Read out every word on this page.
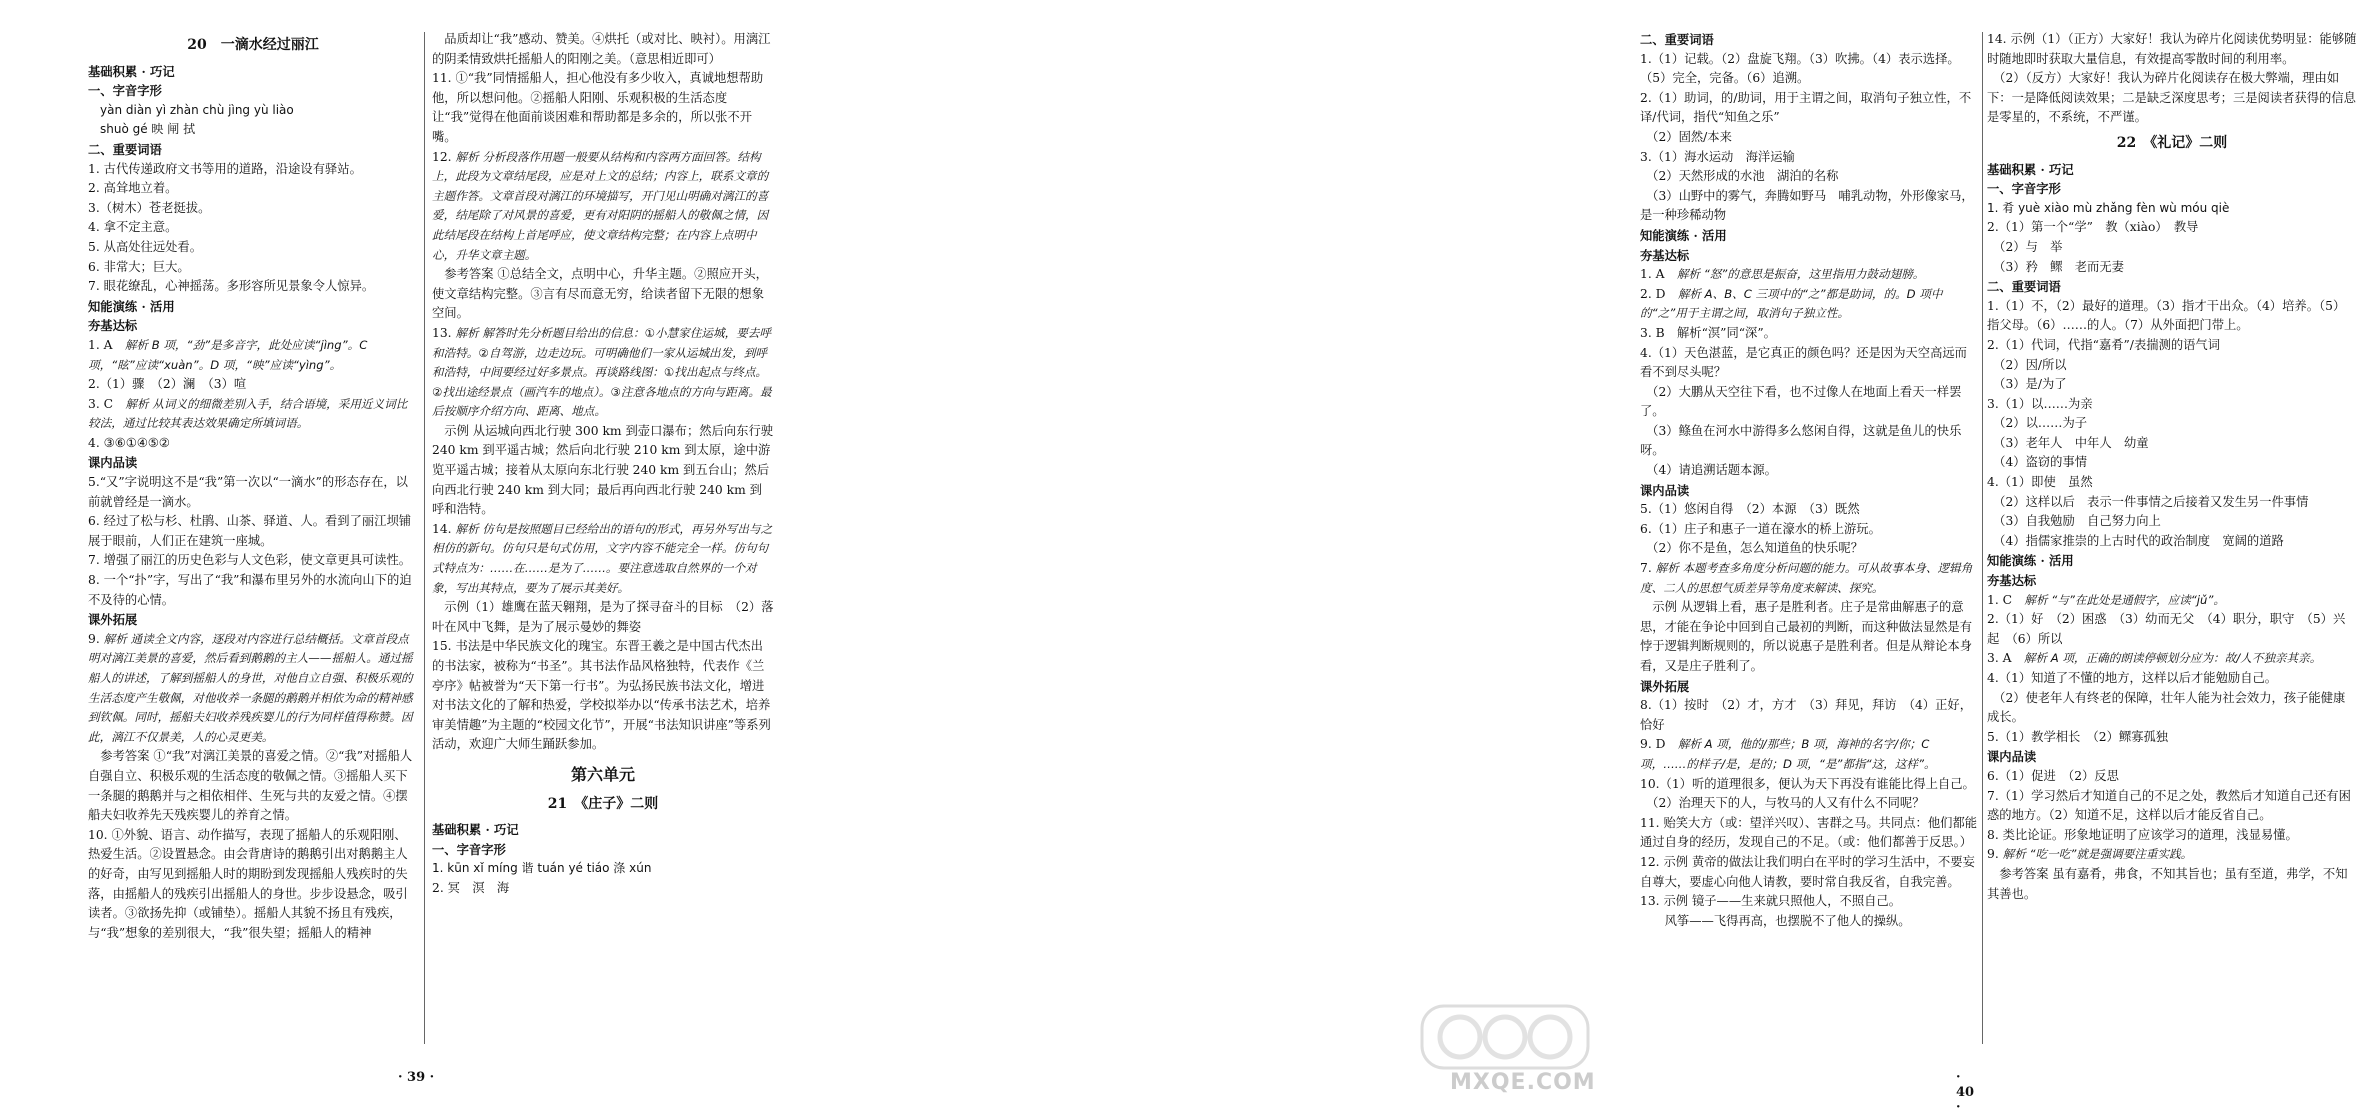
20　一滴水经过丽江
基础积累 · 巧记
一、字音字形
　yàn diàn yì zhàn chù jìng yù liào
　shuò gé 映 闸 拭
二、重要词语
1. 古代传递政府文书等用的道路，沿途设有驿站。
2. 高耸地立着。
3.（树木）苍老挺拔。
4. 拿不定主意。
5. 从高处往远处看。
6. 非常大；巨大。
7. 眼花缭乱，心神摇荡。多形容所见景象令人惊异。
知能演练 · 活用
夯基达标
1. A　解析 B 项，“劲”是多音字，此处应读“jìng”。C 项，“眩”应读“xuàn”。D 项，“映”应读“yìng”。
2.（1）骤　（2）澜　（3）喧
3. C　解析 从词义的细微差别入手，结合语境，采用近义词比较法，通过比较其表达效果确定所填词语。
4. ③⑥①④⑤②
课内品读
5.“又”字说明这不是“我”第一次以“一滴水”的形态存在，以前就曾经是一滴水。
6. 经过了松与杉、杜鹃、山茶、驿道、人。看到了丽江坝铺展于眼前，人们正在建筑一座城。
7. 增强了丽江的历史色彩与人文色彩，使文章更具可读性。
8. 一个“扑”字，写出了“我”和瀑布里另外的水流向山下的迫不及待的心情。
课外拓展
9. 解析 通读全文内容，逐段对内容进行总结概括。文章首段点明对漓江美景的喜爱，然后看到鹅鹅的主人——摇船人。通过摇船人的讲述，了解到摇船人的身世，对他自立自强、积极乐观的生活态度产生敬佩，对他收养一条腿的鹅鹅并相依为命的精神感到钦佩。同时，摇船夫妇收养残疾婴儿的行为同样值得称赞。因此，漓江不仅景美，人的心灵更美。
　参考答案 ①“我”对漓江美景的喜爱之情。②“我”对摇船人自强自立、积极乐观的生活态度的敬佩之情。③摇船人买下一条腿的鹅鹅并与之相依相伴、生死与共的友爱之情。④摆船夫妇收养先天残疾婴儿的养育之情。
10. ①外貌、语言、动作描写，表现了摇船人的乐观阳刚、热爱生活。②设置悬念。由会背唐诗的鹅鹅引出对鹅鹅主人的好奇，由写见到摇船人时的期盼到发现摇船人残疾时的失落，由摇船人的残疾引出摇船人的身世。步步设悬念，吸引读者。③欲扬先抑（或铺垫）。摇船人其貌不扬且有残疾，与“我”想象的差别很大，“我”很失望；摇船人的精神
　品质却让“我”感动、赞美。④烘托（或对比、映衬）。用漓江的阴柔情致烘托摇船人的阳刚之美。（意思相近即可）
11. ①“我”同情摇船人，担心他没有多少收入，真诚地想帮助他，所以想问他。②摇船人阳刚、乐观积极的生活态度让“我”觉得在他面前谈困难和帮助都是多余的，所以张不开嘴。
12. 解析 分析段落作用题一般要从结构和内容两方面回答。结构上，此段为文章结尾段，应是对上文的总结；内容上，联系文章的主题作答。文章首段对漓江的环境描写，开门见山明确对漓江的喜爱，结尾除了对风景的喜爱，更有对阳阴的摇船人的敬佩之情，因此结尾段在结构上首尾呼应，使文章结构完整；在内容上点明中心，升华文章主题。
　参考答案 ①总结全文，点明中心，升华主题。②照应开头，使文章结构完整。③言有尽而意无穷，给读者留下无限的想象空间。
13. 解析 解答时先分析题目给出的信息：①小慧家住运城，要去呼和浩特。②自驾游，边走边玩。可明确他们一家从运城出发，到呼和浩特，中间要经过好多景点。再谈路线图：①找出起点与终点。②找出途经景点（画汽车的地点）。③注意各地点的方向与距离。最后按顺序介绍方向、距离、地点。
　示例 从运城向西北行驶 300 km 到壶口瀑布；然后向东行驶 240 km 到平遥古城；然后向北行驶 210 km 到太原，途中游览平遥古城；接着从太原向东北行驶 240 km 到五台山；然后向西北行驶 240 km 到大同；最后再向西北行驶 240 km 到呼和浩特。
14. 解析 仿句是按照题目已经给出的语句的形式，再另外写出与之相仿的新句。仿句只是句式仿用，文字内容不能完全一样。仿句句式特点为：……在……是为了……。要注意选取自然界的一个对象，写出其特点，要为了展示其美好。
　示例（1）雄鹰在蓝天翱翔，是为了探寻奋斗的目标　（2）落叶在风中飞舞，是为了展示曼妙的舞姿
15. 书法是中华民族文化的瑰宝。东晋王羲之是中国古代杰出的书法家，被称为“书圣”。其书法作品风格独特，代表作《兰亭序》帖被誉为“天下第一行书”。为弘扬民族书法文化，增进对书法文化的了解和热爱，学校拟举办以“传承书法艺术，培养审美情趣”为主题的“校园文化节”，开展“书法知识讲座”等系列活动，欢迎广大师生踊跃参加。
第六单元
21　《庄子》二则
基础积累 · 巧记
一、字音字形
1. kūn xǐ míng 谐 tuán yé tiáo 涤 xún
2. 冥　溟　海
· 39 ·
二、重要词语
1.（1）记载。（2）盘旋飞翔。（3）吹拂。（4）表示选择。（5）完全，完备。（6）追溯。
2.（1）助词，的/助词，用于主谓之间，取消句子独立性，不译/代词，指代“知鱼之乐”
　（2）固然/本来
3.（1）海水运动　海洋运输
　（2）天然形成的水池　湖泊的名称
　（3）山野中的雾气，奔腾如野马　哺乳动物，外形像家马，是一种珍稀动物
知能演练 · 活用
夯基达标
1. A　解析 “怒”的意思是振奋，这里指用力鼓动翅膀。
2. D　解析 A、B、C 三项中的“之”都是助词，的。D 项中的“之”用于主谓之间，取消句子独立性。
3. B　解析“溟”同“深”。
4.（1）天色湛蓝，是它真正的颜色吗？还是因为天空高远而看不到尽头呢？
　（2）大鹏从天空往下看，也不过像人在地面上看天一样罢了。
　（3）鲦鱼在河水中游得多么悠闲自得，这就是鱼儿的快乐呀。
　（4）请追溯话题本源。
课内品读
5.（1）悠闲自得　（2）本源　（3）既然
6.（1）庄子和惠子一道在濠水的桥上游玩。
　（2）你不是鱼，怎么知道鱼的快乐呢？
7. 解析 本题考查多角度分析问题的能力。可从故事本身、逻辑角度、二人的思想气质差异等角度来解读、探究。
　示例 从逻辑上看，惠子是胜利者。庄子是常曲解惠子的意思，才能在争论中回到自己最初的判断，而这种做法显然是有悖于逻辑判断规则的，所以说惠子是胜利者。但是从辩论本身看，又是庄子胜利了。
课外拓展
8.（1）按时　（2）才，方才　（3）拜见，拜访　（4）正好，恰好
9. D　解析 A 项，他的/那些；B 项，海神的名字/你；C 项，……的样子/是，是的；D 项，“是”都指“这，这样”。
10.（1）听的道理很多，便认为天下再没有谁能比得上自己。
　（2）治理天下的人，与牧马的人又有什么不同呢？
11. 贻笑大方（或：望洋兴叹）、害群之马。共同点：他们都能通过自身的经历，发现自己的不足。（或：他们都善于反思。）
12. 示例 黄帝的做法让我们明白在平时的学习生活中，不要妄自尊大，要虚心向他人请教，要时常自我反省，自我完善。
13. 示例 镜子——生来就只照他人，不照自己。
　　风筝——飞得再高，也摆脱不了他人的操纵。
14. 示例（1）（正方）大家好！我认为碎片化阅读优势明显：能够随时随地即时获取大量信息，有效提高零散时间的利用率。
　（2）（反方）大家好！我认为碎片化阅读存在极大弊端，理由如下：一是降低阅读效果；二是缺乏深度思考；三是阅读者获得的信息是零星的，不系统，不严谨。
22　《礼记》二则
基础积累 · 巧记
一、字音字形
1. 肴 yuè xiào mù zhǎng fèn wù móu qiè
2.（1）第一个“学”　教（xiào）　教导
　（2）与　举
　（3）矜　鳏　老而无妻
二、重要词语
1.（1）不，（2）最好的道理。（3）指才干出众。（4）培养。（5）指父母。（6）……的人。（7）从外面把门带上。
2.（1）代词，代指“嘉肴”/表揣测的语气词
　（2）因/所以
　（3）是/为了
3.（1）以……为亲
　（2）以……为子
　（3）老年人　中年人　幼童
　（4）盗窃的事情
4.（1）即使　虽然
　（2）这样以后　表示一件事情之后接着又发生另一件事情
　（3）自我勉励　自己努力向上
　（4）指儒家推崇的上古时代的政治制度　宽阔的道路
知能演练 · 活用
夯基达标
1. C　解析 “与”在此处是通假字，应读“jǔ”。
2.（1）好　（2）困惑　（3）幼而无父　（4）职分，职守　（5）兴起　（6）所以
3. A　解析 A 项，正确的朗读停顿划分应为：故/人不独亲其亲。
4.（1）知道了不懂的地方，这样以后才能勉励自己。
　（2）使老年人有终老的保障，壮年人能为社会效力，孩子能健康成长。
5.（1）教学相长　（2）鳏寡孤独
课内品读
6.（1）促进　（2）反思
7.（1）学习然后才知道自己的不足之处，教然后才知道自己还有困惑的地方。（2）知道不足，这样以后才能反省自己。
8. 类比论证。形象地证明了应该学习的道理，浅显易懂。
9. 解析 “吃一吃”就是强调要注重实践。
　参考答案 虽有嘉肴，弗食，不知其旨也；虽有至道，弗学，不知其善也。
· 40 ·
MXQE.COM
